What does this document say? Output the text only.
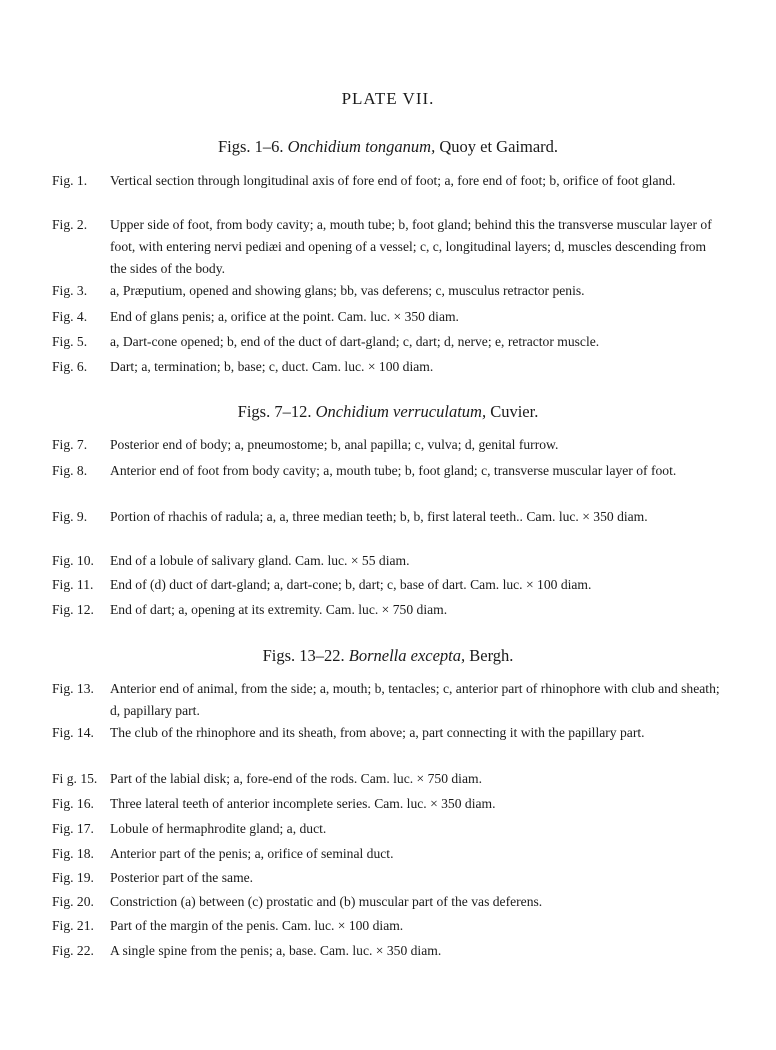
PLATE VII.
Figs. 1–6. Onchidium tonganum, Quoy et Gaimard.
Fig. 1. Vertical section through longitudinal axis of fore end of foot; a, fore end of foot; b, orifice of foot gland.
Fig. 2. Upper side of foot, from body cavity; a, mouth tube; b, foot gland; behind this the transverse muscular layer of foot, with entering nervi pediæi and opening of a vessel; c, c, longitudinal layers; d, muscles descending from the sides of the body.
Fig. 3. a, Præputium, opened and showing glans; bb, vas deferens; c, musculus retractor penis.
Fig. 4. End of glans penis; a, orifice at the point. Cam. luc. × 350 diam.
Fig. 5. a, Dart-cone opened; b, end of the duct of dart-gland; c, dart; d, nerve; e, retractor muscle.
Fig. 6. Dart; a, termination; b, base; c, duct. Cam. luc. × 100 diam.
Figs. 7–12. Onchidium verruculatum, Cuvier.
Fig. 7. Posterior end of body; a, pneumostome; b, anal papilla; c, vulva; d, genital furrow.
Fig. 8. Anterior end of foot from body cavity; a, mouth tube; b, foot gland; c, transverse muscular layer of foot.
Fig. 9. Portion of rhachis of radula; a, a, three median teeth; b, b, first lateral teeth.. Cam. luc. × 350 diam.
Fig. 10. End of a lobule of salivary gland. Cam. luc. × 55 diam.
Fig. 11. End of (d) duct of dart-gland; a, dart-cone; b, dart; c, base of dart. Cam. luc. × 100 diam.
Fig. 12. End of dart; a, opening at its extremity. Cam. luc. × 750 diam.
Figs. 13–22. Bornella excepta, Bergh.
Fig. 13. Anterior end of animal, from the side; a, mouth; b, tentacles; c, anterior part of rhinophore with club and sheath; d, papillary part.
Fig. 14. The club of the rhinophore and its sheath, from above; a, part connecting it with the papillary part.
Fi g. 15. Part of the labial disk; a, fore-end of the rods. Cam. luc. × 750 diam.
Fig. 16. Three lateral teeth of anterior incomplete series. Cam. luc. × 350 diam.
Fig. 17. Lobule of hermaphrodite gland; a, duct.
Fig. 18. Anterior part of the penis; a, orifice of seminal duct.
Fig. 19. Posterior part of the same.
Fig. 20. Constriction (a) between (c) prostatic and (b) muscular part of the vas deferens.
Fig. 21. Part of the margin of the penis. Cam. luc. × 100 diam.
Fig. 22. A single spine from the penis; a, base. Cam. luc. × 350 diam.
